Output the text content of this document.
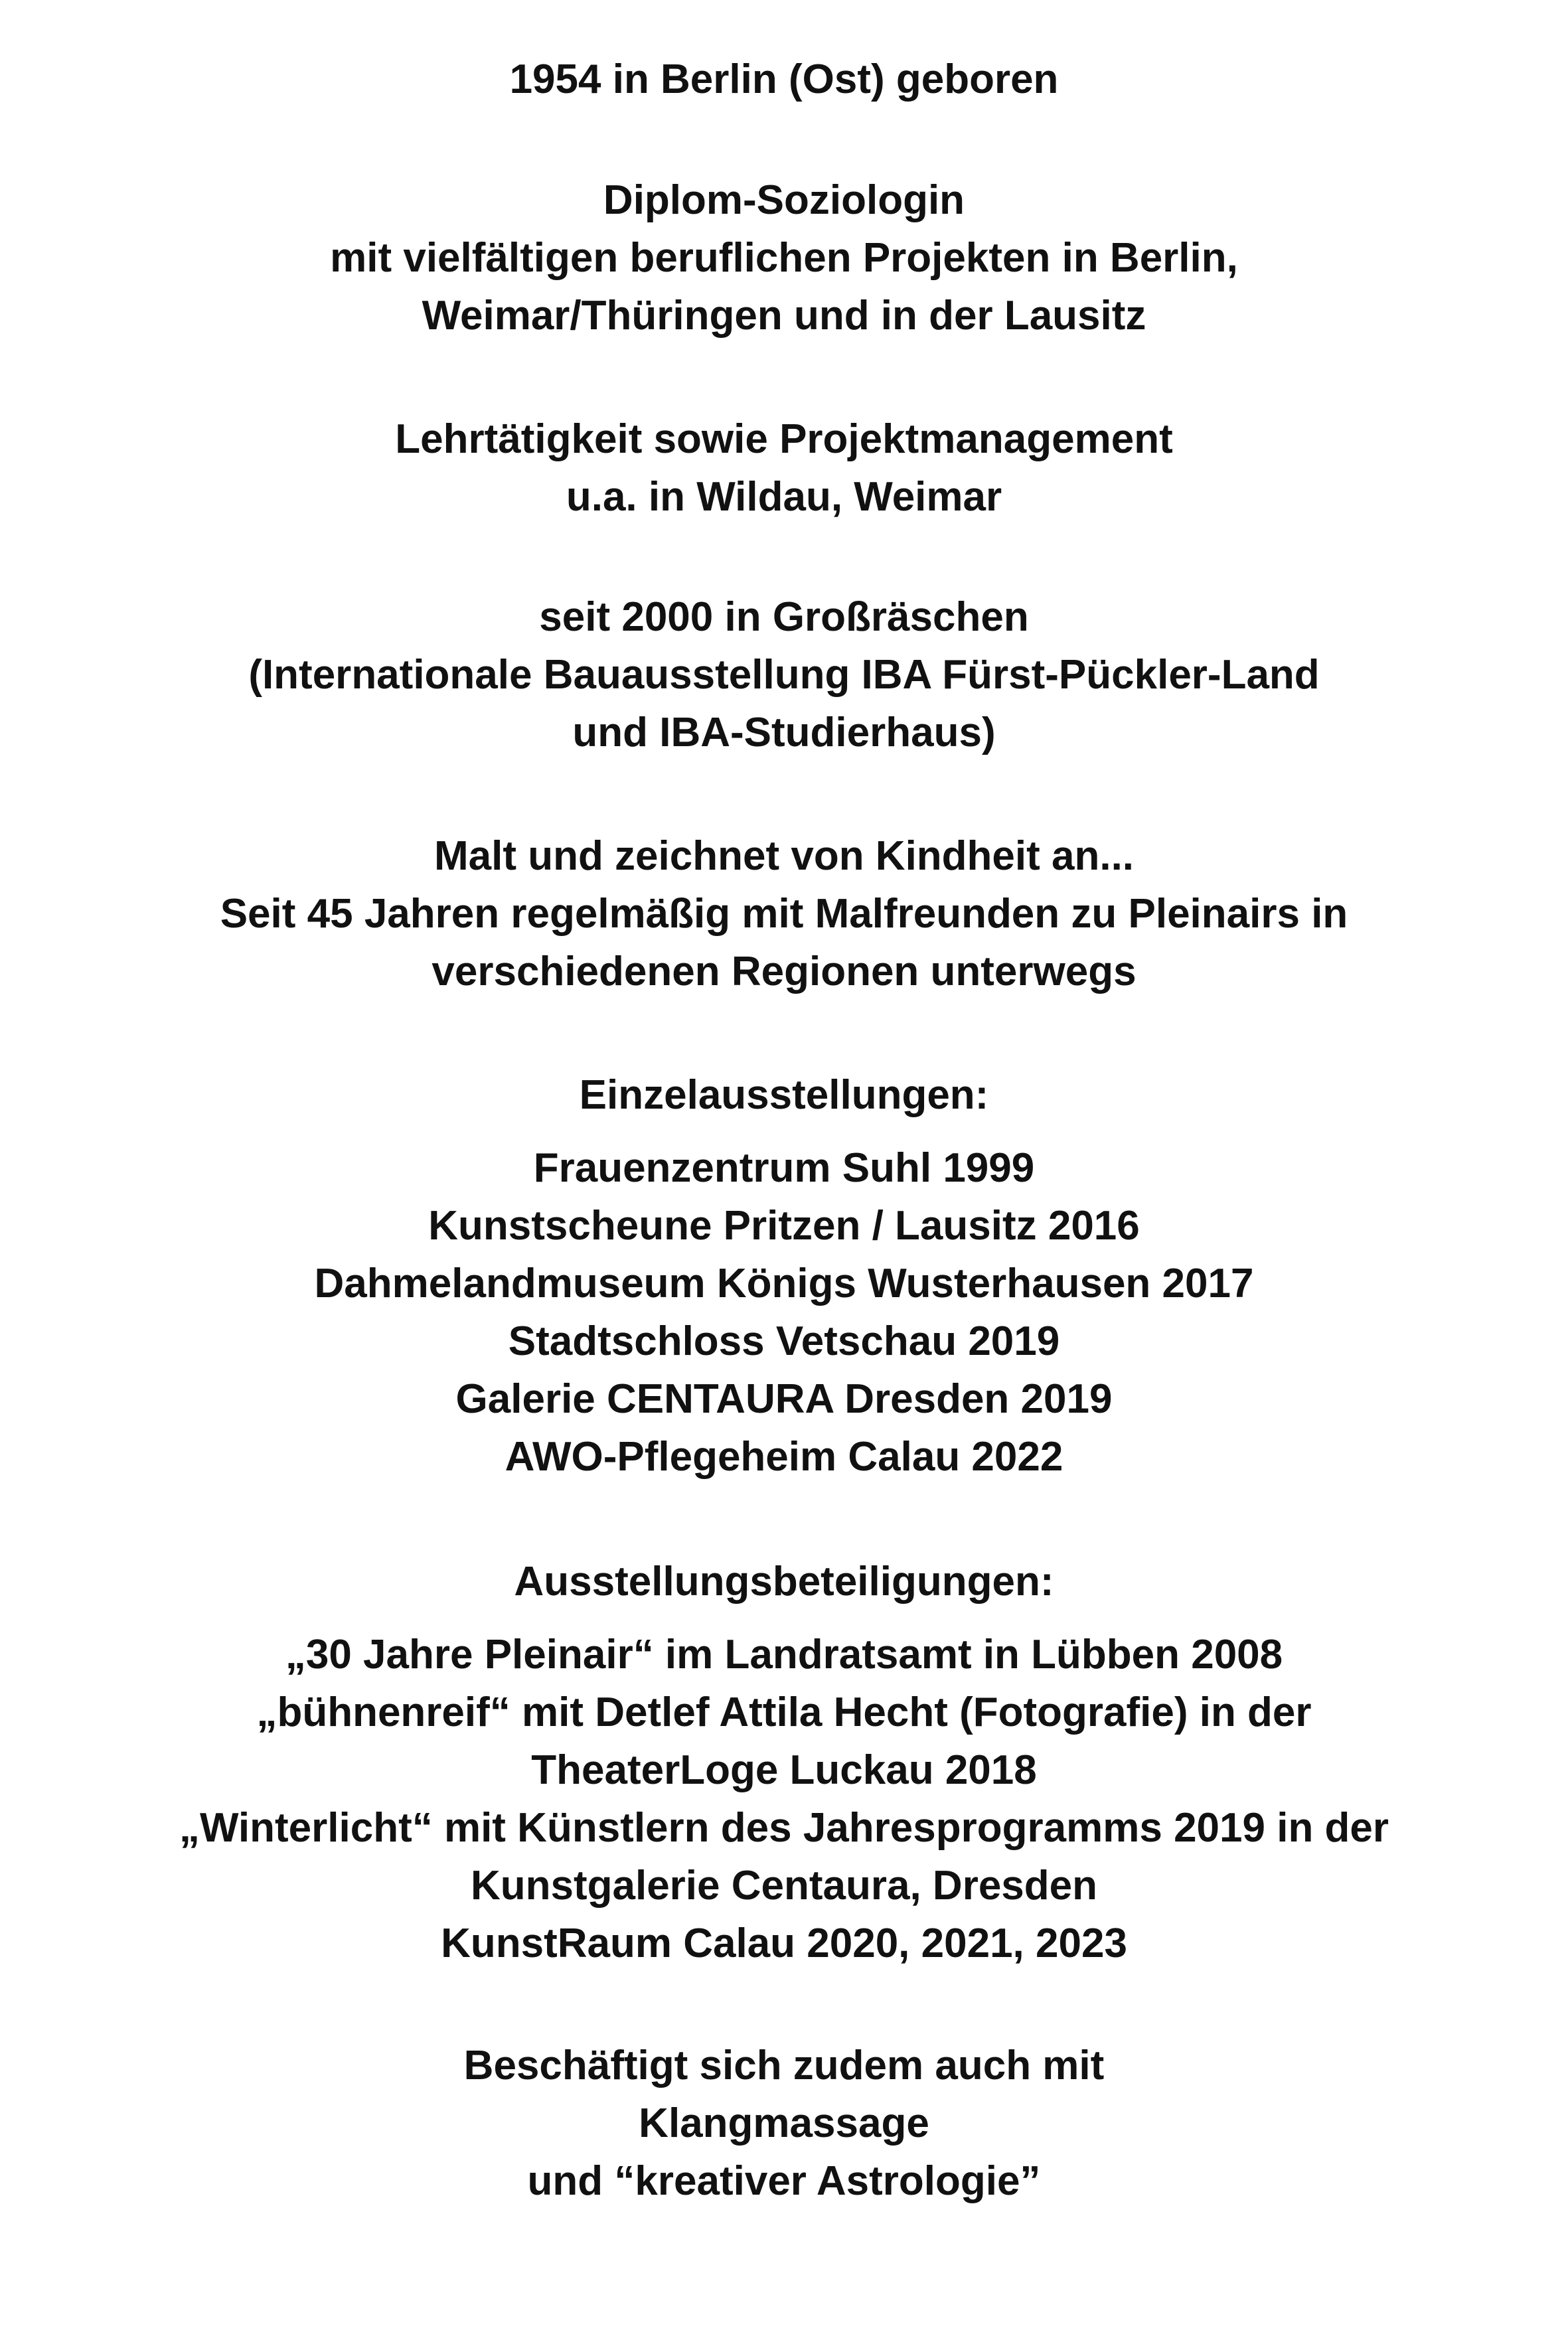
1954 in Berlin (Ost) geboren
Diplom-Soziologin
mit vielfältigen beruflichen Projekten in Berlin,
Weimar/Thüringen und in der Lausitz
Lehrtätigkeit sowie Projektmanagement
u.a. in Wildau, Weimar
seit 2000 in Großräschen
(Internationale Bauausstellung IBA Fürst-Pückler-Land
und IBA-Studierhaus)
Malt und zeichnet von Kindheit an...
Seit 45 Jahren regelmäßig mit Malfreunden zu Pleinairs in
verschiedenen Regionen unterwegs
Einzelausstellungen:
Frauenzentrum Suhl 1999
Kunstscheune Pritzen / Lausitz 2016
Dahmelandmuseum Königs Wusterhausen 2017
Stadtschloss Vetschau 2019
Galerie CENTAURA Dresden 2019
AWO-Pflegeheim Calau 2022
Ausstellungsbeteiligungen:
„30 Jahre Pleinair“ im Landratsamt in Lübben 2008
„bühnenreif“ mit Detlef Attila Hecht (Fotografie) in der
TheaterLoge Luckau 2018
„Winterlicht“ mit Künstlern des Jahresprogramms 2019 in der
Kunstgalerie Centaura, Dresden
KunstRaum Calau 2020, 2021, 2023
Beschäftigt sich zudem auch mit
Klangmassage
und “kreativer Astrologie”
